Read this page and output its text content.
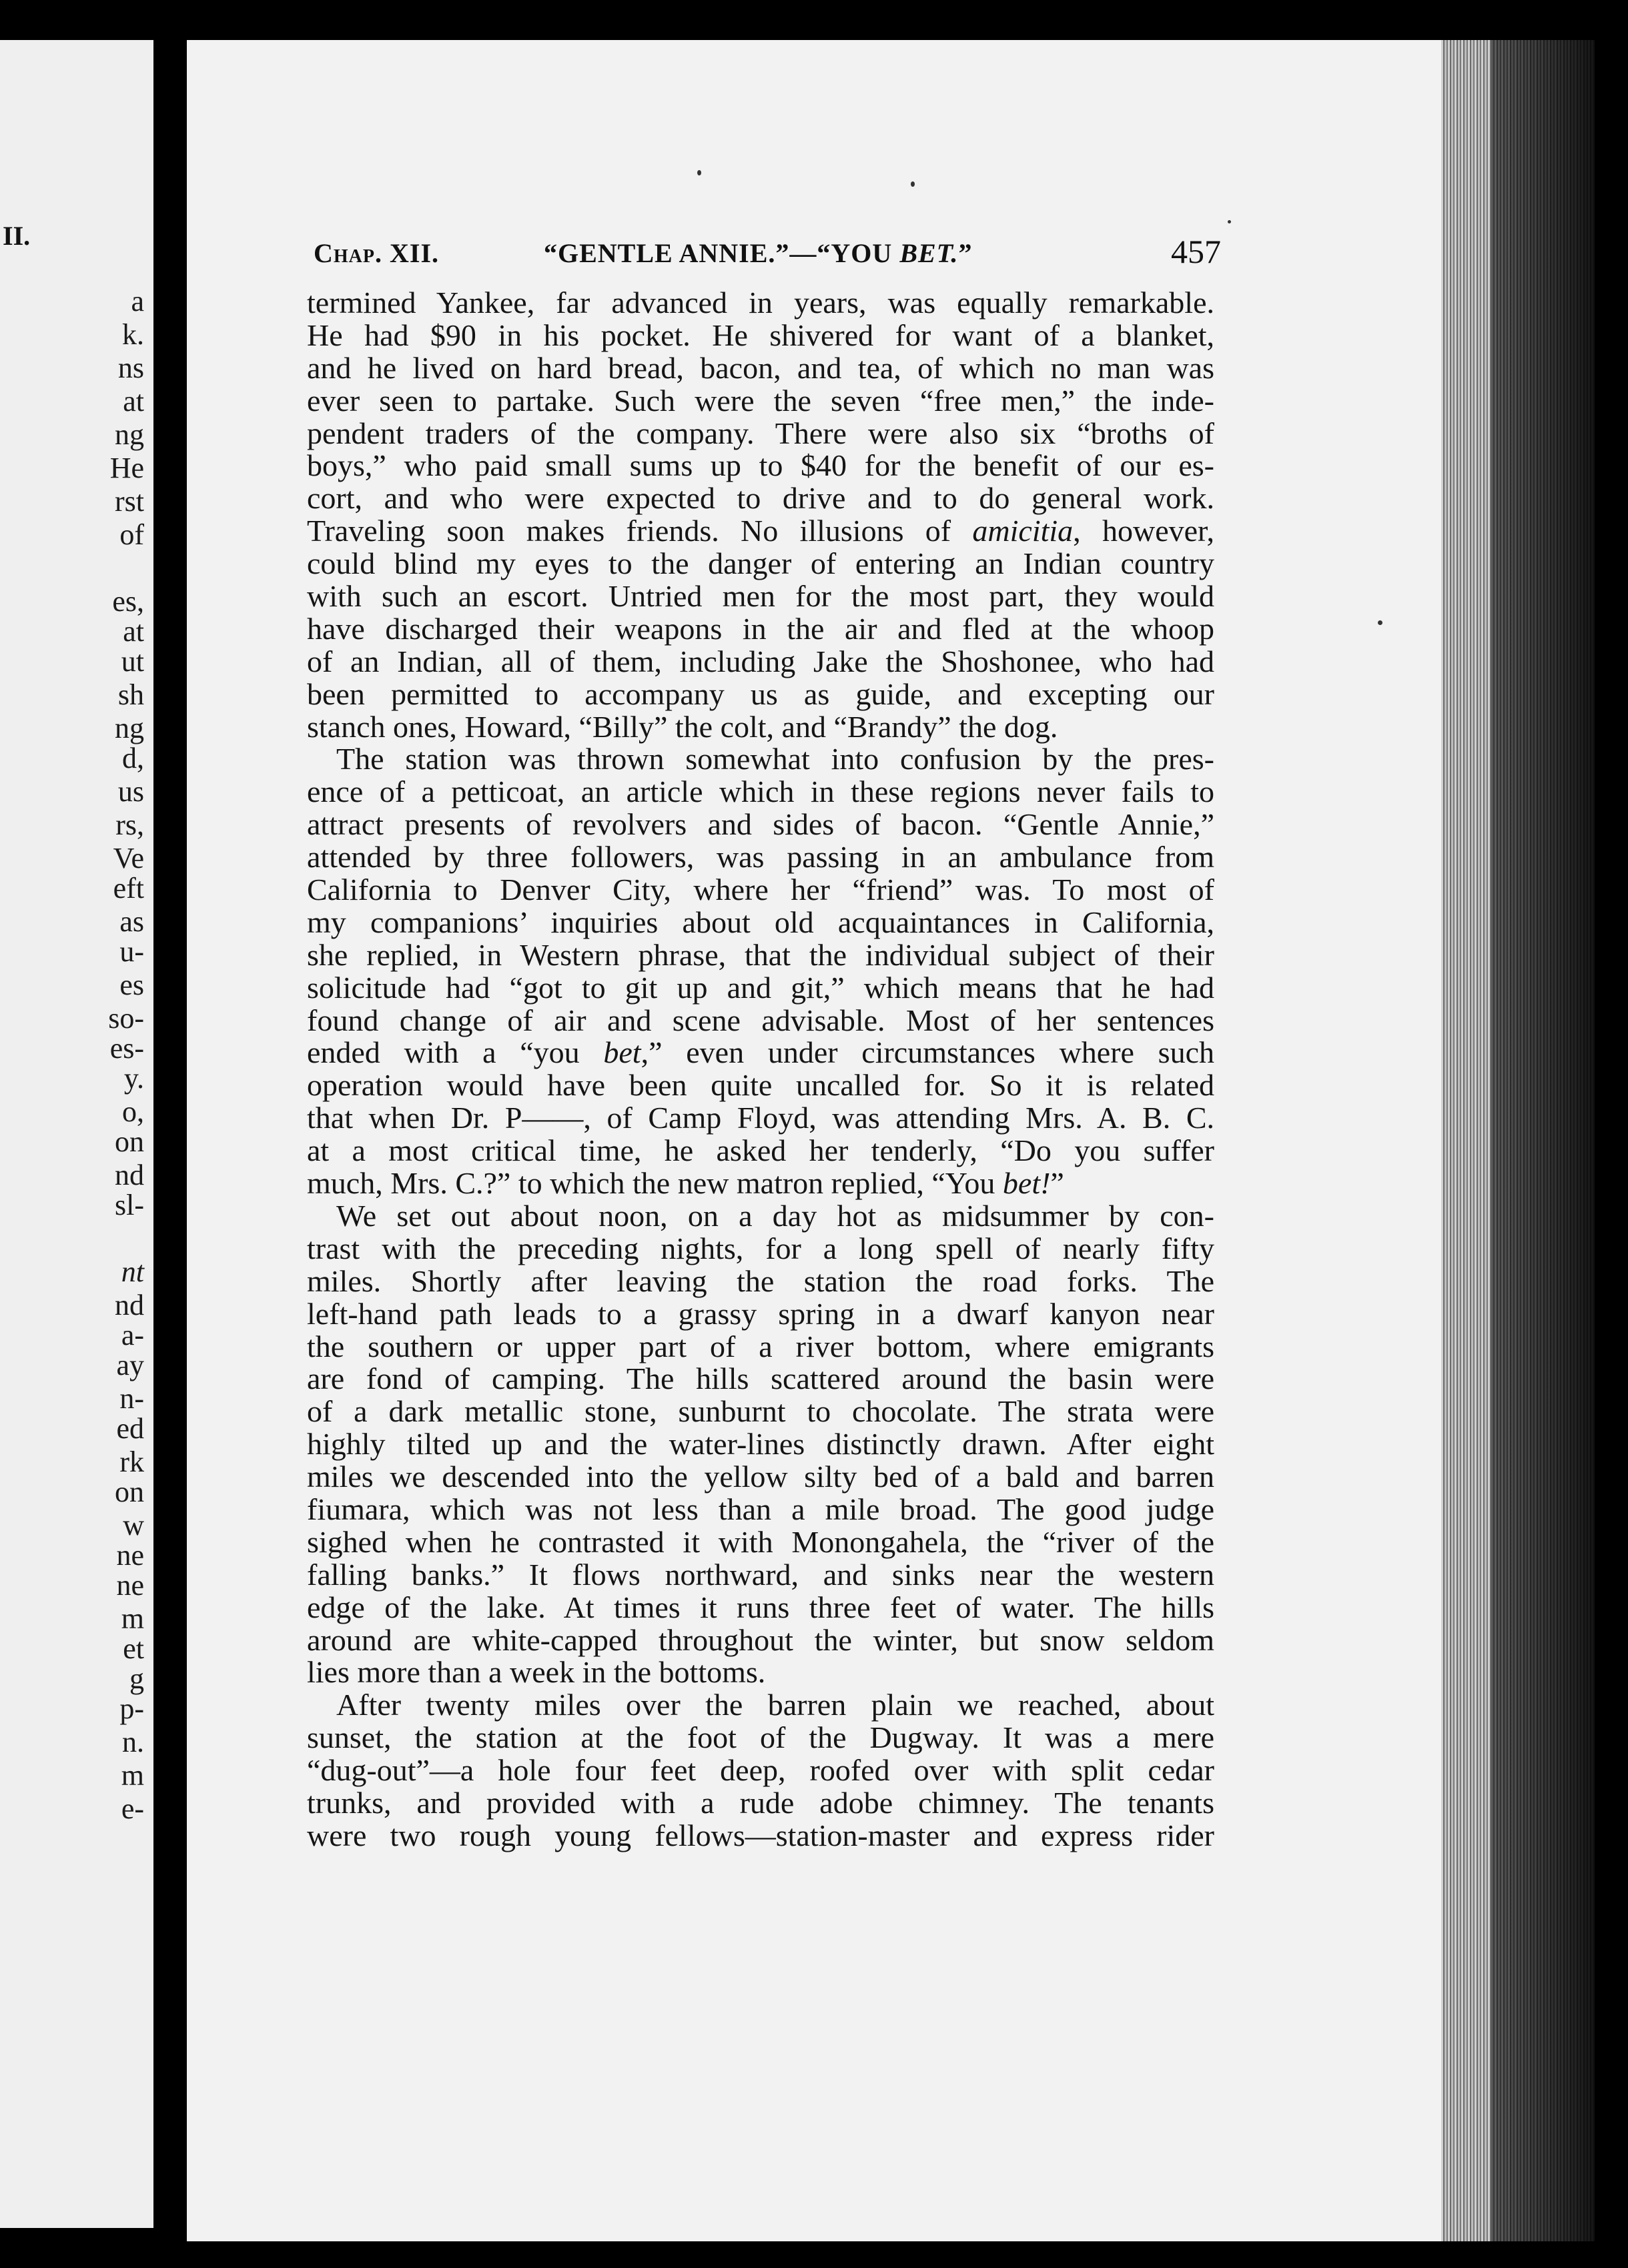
II.
a
k.
ns
at
ng
He
rst
of
es,
at
ut
sh
ng
d,
us
rs,
Ve
eft
as
u-
es
so-
es-
y.
o,
on
nd
sl-
nt
nd
a-
ay
n-
ed
rk
on
w
ne
ne
m
et
g
p-
n.
m
e-
Chap. XII.	“GENTLE ANNIE.”—“YOU BET.”	457
termined Yankee, far advanced in years, was equally remarkable.
He had $90 in his pocket. He shivered for want of a blanket,
and he lived on hard bread, bacon, and tea, of which no man was
ever seen to partake. Such were the seven “free men,” the inde-
pendent traders of the company. There were also six “broths of
boys,” who paid small sums up to $40 for the benefit of our es-
cort, and who were expected to drive and to do general work.
Traveling soon makes friends. No illusions of amicitia, however,
could blind my eyes to the danger of entering an Indian country
with such an escort. Untried men for the most part, they would
have discharged their weapons in the air and fled at the whoop
of an Indian, all of them, including Jake the Shoshonee, who had
been permitted to accompany us as guide, and excepting our
stanch ones, Howard, “Billy” the colt, and “Brandy” the dog.
The station was thrown somewhat into confusion by the pres-
ence of a petticoat, an article which in these regions never fails to
attract presents of revolvers and sides of bacon. “Gentle Annie,”
attended by three followers, was passing in an ambulance from
California to Denver City, where her “friend” was. To most of
my companions’ inquiries about old acquaintances in California,
she replied, in Western phrase, that the individual subject of their
solicitude had “got to git up and git,” which means that he had
found change of air and scene advisable. Most of her sentences
ended with a “you bet,” even under circumstances where such
operation would have been quite uncalled for. So it is related
that when Dr. P——, of Camp Floyd, was attending Mrs. A. B. C.
at a most critical time, he asked her tenderly, “Do you suffer
much, Mrs. C.?” to which the new matron replied, “You bet!”
We set out about noon, on a day hot as midsummer by con-
trast with the preceding nights, for a long spell of nearly fifty
miles. Shortly after leaving the station the road forks. The
left-hand path leads to a grassy spring in a dwarf kanyon near
the southern or upper part of a river bottom, where emigrants
are fond of camping. The hills scattered around the basin were
of a dark metallic stone, sunburnt to chocolate. The strata were
highly tilted up and the water-lines distinctly drawn. After eight
miles we descended into the yellow silty bed of a bald and barren
fiumara, which was not less than a mile broad. The good judge
sighed when he contrasted it with Monongahela, the “river of the
falling banks.” It flows northward, and sinks near the western
edge of the lake. At times it runs three feet of water. The hills
around are white-capped throughout the winter, but snow seldom
lies more than a week in the bottoms.
After twenty miles over the barren plain we reached, about
sunset, the station at the foot of the Dugway. It was a mere
“dug-out”—a hole four feet deep, roofed over with split cedar
trunks, and provided with a rude adobe chimney. The tenants
were two rough young fellows—station-master and express rider
